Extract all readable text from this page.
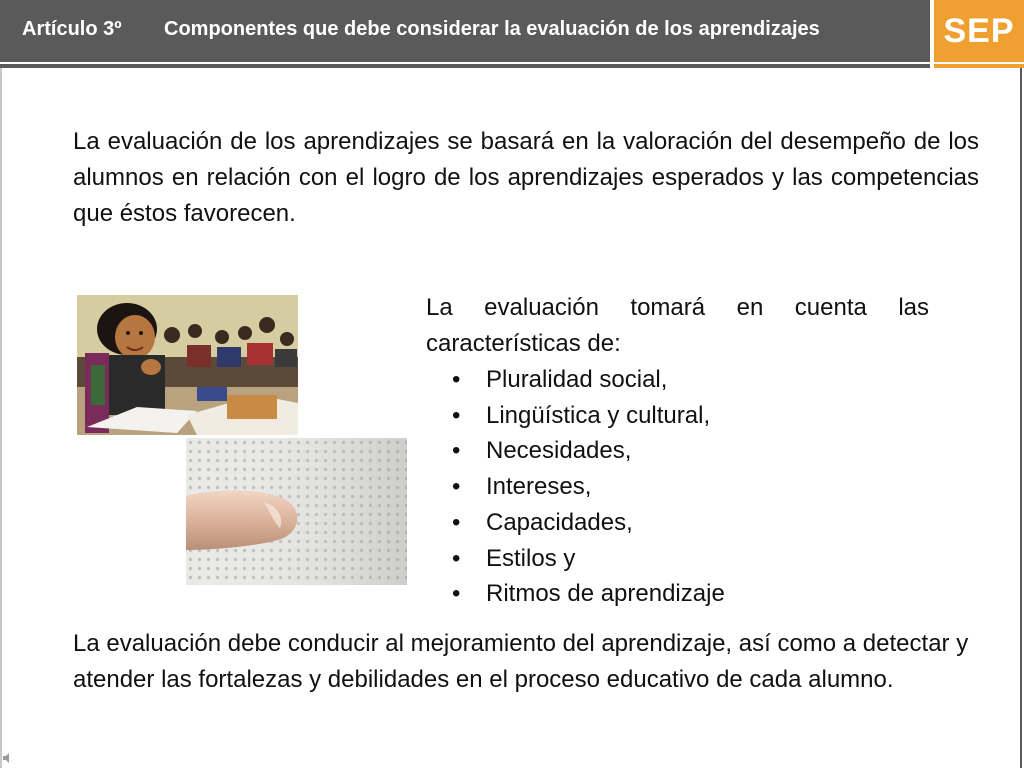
Artículo 3º Componentes que debe considerar la evaluación de los aprendizajes	SEP
La evaluación de los aprendizajes se basará en la valoración del desempeño de los alumnos en relación con el logro de los aprendizajes esperados y las competencias que éstos favorecen.
La evaluación tomará en cuenta las características de:
• Pluralidad social,
• Lingüística y cultural,
• Necesidades,
• Intereses,
• Capacidades,
• Estilos y
• Ritmos de aprendizaje
La evaluación debe conducir al mejoramiento del aprendizaje, así como a detectar y atender las fortalezas y debilidades en el proceso educativo de cada alumno.
